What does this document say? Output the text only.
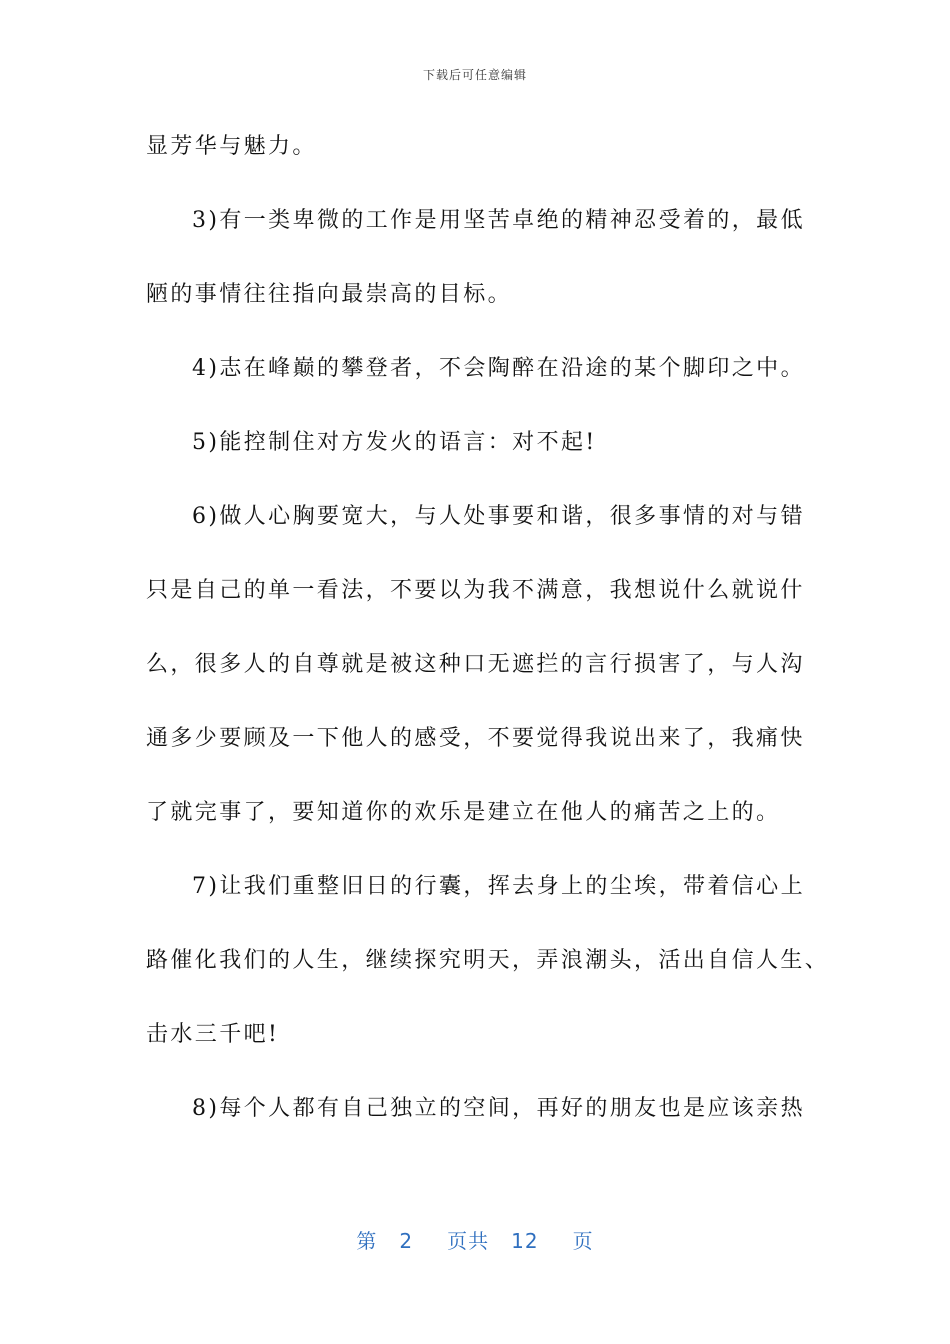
下载后可任意编辑
显芳华与魅力。
3)有一类卑微的工作是用坚苦卓绝的精神忍受着的，最低
陋的事情往往指向最崇高的目标。
4)志在峰巅的攀登者，不会陶醉在沿途的某个脚印之中。
5)能控制住对方发火的语言：对不起!
6)做人心胸要宽大，与人处事要和谐，很多事情的对与错
只是自己的单一看法，不要以为我不满意，我想说什么就说什
么，很多人的自尊就是被这种口无遮拦的言行损害了，与人沟
通多少要顾及一下他人的感受，不要觉得我说出来了，我痛快
了就完事了，要知道你的欢乐是建立在他人的痛苦之上的。
7)让我们重整旧日的行囊，挥去身上的尘埃，带着信心上
路催化我们的人生，继续探究明天，弄浪潮头，活出自信人生、
击水三千吧!
8)每个人都有自己独立的空间，再好的朋友也是应该亲热
第 2 页共 12 页
